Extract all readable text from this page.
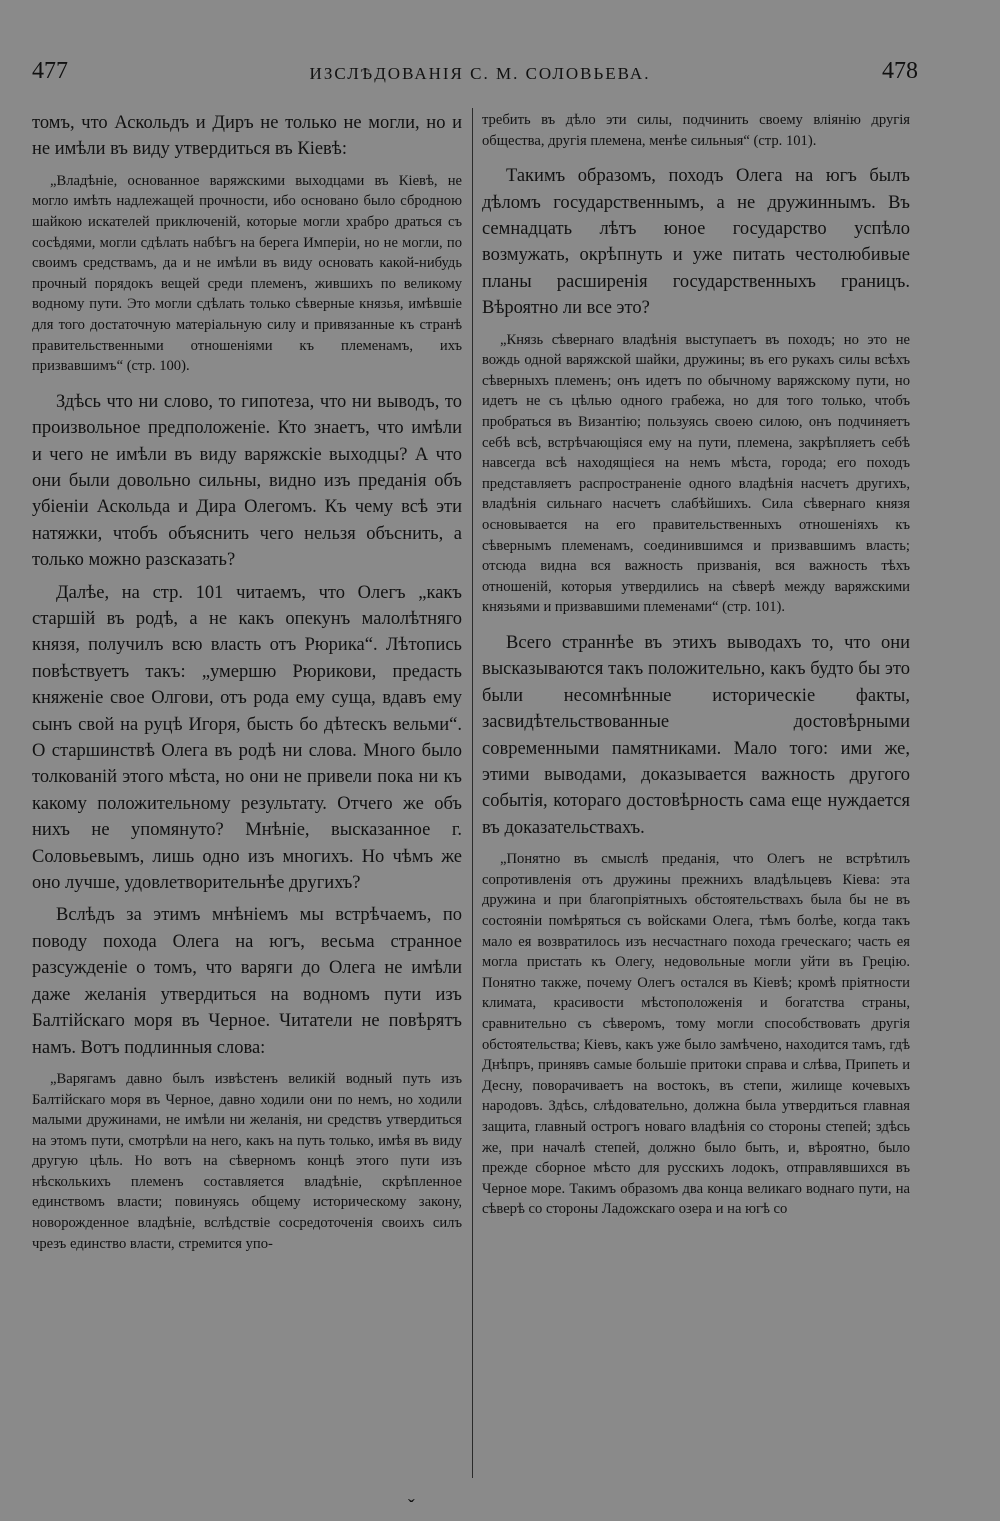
477	ИЗСЛѢДОВАНІЯ С. М. СОЛОВЬЕВА.	478

томъ, что Аскольдъ и Диръ не только не могли, но и не имѣли въ виду утвердиться въ Кіевѣ:

„Владѣніе, основанное варяжскими выходцами въ Кіевѣ, не могло имѣть надлежащей прочности, ибо основано было сбродною шайкою искателей приключеній, которые могли храбро драться съ сосѣдями, могли сдѣлать набѣгъ на берега Имперіи, но не могли, по своимъ средствамъ, да и не имѣли въ виду основать какой-нибудь прочный порядокъ вещей среди племенъ, жившихъ по великому водному пути. Это могли сдѣлать только сѣверные князья, имѣвшіе для того достаточную матеріальную силу и привязанные къ странѣ правительственными отношеніями къ племенамъ, ихъ призвавшимъ“ (стр. 100).

Здѣсь что ни слово, то гипотеза, что ни выводъ, то произвольное предположеніе. Кто знаетъ, что имѣли и чего не имѣли въ виду варяжскіе выходцы? А что они были довольно сильны, видно изъ преданія объ убіеніи Аскольда и Дира Олегомъ. Къ чему всѣ эти натяжки, чтобъ объяснить чего нельзя объснить, а только можно разсказать?

Далѣе, на стр. 101 читаемъ, что Олегъ „какъ старшій въ родѣ, а не какъ опекунъ малолѣтняго князя, получилъ всю власть отъ Рюрика“. Лѣтопись повѣствуетъ такъ: „умершю Рюрикови, предасть княженіе свое Олгови, отъ рода ему суща, вдавъ ему сынъ свой на руцѣ Игоря, бысть бо дѣтескъ вельми“. О старшинствѣ Олега въ родѣ ни слова. Много было толкованій этого мѣста, но они не привели пока ни къ какому положительному результату. Отчего же объ нихъ не упомянуто? Мнѣніе, высказанное г. Соловьевымъ, лишь одно изъ многихъ. Но чѣмъ же оно лучше, удовлетворительнѣе другихъ?

Вслѣдъ за этимъ мнѣніемъ мы встрѣчаемъ, по поводу похода Олега на югъ, весьма странное разсужденіе о томъ, что варяги до Олега не имѣли даже желанія утвердиться на водномъ пути изъ Балтійскаго моря въ Черное. Читатели не повѣрятъ намъ. Вотъ подлинныя слова:

„Варягамъ давно былъ извѣстенъ великій водный путь изъ Балтійскаго моря въ Черное, давно ходили они по немъ, но ходили малыми дружинами, не имѣли ни желанія, ни средствъ утвердиться на этомъ пути, смотрѣли на него, какъ на путь только, имѣя въ виду другую цѣль. Но вотъ на сѣверномъ концѣ этого пути изъ нѣсколькихъ племенъ составляется владѣніе, скрѣпленное единствомъ власти; повинуясь общему историческому закону, новорожденное владѣніе, вслѣдствіе сосредоточенія своихъ силъ чрезъ единство власти, стремится упо-

требить въ дѣло эти силы, подчинить своему вліянію другія общества, другія племена, менѣе сильныя“ (стр. 101).

Такимъ образомъ, походъ Олега на югъ былъ дѣломъ государственнымъ, а не дружиннымъ. Въ семнадцать лѣтъ юное государство успѣло возмужать, окрѣпнуть и уже питать честолюбивые планы расширенія государственныхъ границъ. Вѣроятно ли все это?

„Князь сѣвернаго владѣнія выступаетъ въ походъ; но это не вождь одной варяжской шайки, дружины; въ его рукахъ силы всѣхъ сѣверныхъ племенъ; онъ идетъ по обычному варяжскому пути, но идетъ не съ цѣлью одного грабежа, но для того только, чтобъ пробраться въ Византію; пользуясь своею силою, онъ подчиняетъ себѣ всѣ, встрѣчающіяся ему на пути, племена, закрѣпляетъ себѣ навсегда всѣ находящіеся на немъ мѣста, города; его походъ представляетъ распространеніе одного владѣнія насчетъ другихъ, владѣнія сильнаго насчетъ слабѣйшихъ. Сила сѣвернаго князя основывается на его правительственныхъ отношеніяхъ къ сѣвернымъ племенамъ, соединившимся и призвавшимъ власть; отсюда видна вся важность призванія, вся важность тѣхъ отношеній, которыя утвердились на сѣверѣ между варяжскими князьями и призвавшими племенами“ (стр. 101).

Всего страннѣе въ этихъ выводахъ то, что они высказываются такъ положительно, какъ будто бы это были несомнѣнные историческіе факты, засвидѣтельствованные достовѣрными современными памятниками. Мало того: ими же, этими выводами, доказывается важность другого событія, котораго достовѣрность сама еще нуждается въ доказательствахъ.

„Понятно въ смыслѣ преданія, что Олегъ не встрѣтилъ сопротивленія отъ дружины прежнихъ владѣльцевъ Кіева: эта дружина и при благопріятныхъ обстоятельствахъ была бы не въ состояніи помѣряться съ войсками Олега, тѣмъ болѣе, когда такъ мало ея возвратилось изъ несчастнаго похода греческаго; часть ея могла пристать къ Олегу, недовольные могли уйти въ Грецію. Понятно также, почему Олегъ остался въ Кіевѣ; кромѣ пріятности климата, красивости мѣстоположенія и богатства страны, сравнительно съ сѣверомъ, тому могли способствовать другія обстоятельства; Кіевъ, какъ уже было замѣчено, находится тамъ, гдѣ Днѣпръ, принявъ самые большіе притоки справа и слѣва, Припеть и Десну, поворачиваетъ на востокъ, въ степи, жилище кочевыхъ народовъ. Здѣсь, слѣдовательно, должна была утвердиться главная защита, главный острогъ новаго владѣнія со стороны степей; здѣсь же, при началѣ степей, должно было быть, и, вѣроятно, было прежде сборное мѣсто для русскихъ лодокъ, отправлявшихся въ Черное море. Такимъ образомъ два конца великаго воднаго пути, на сѣверѣ со стороны Ладожскаго озера и на югѣ со

ˇ
